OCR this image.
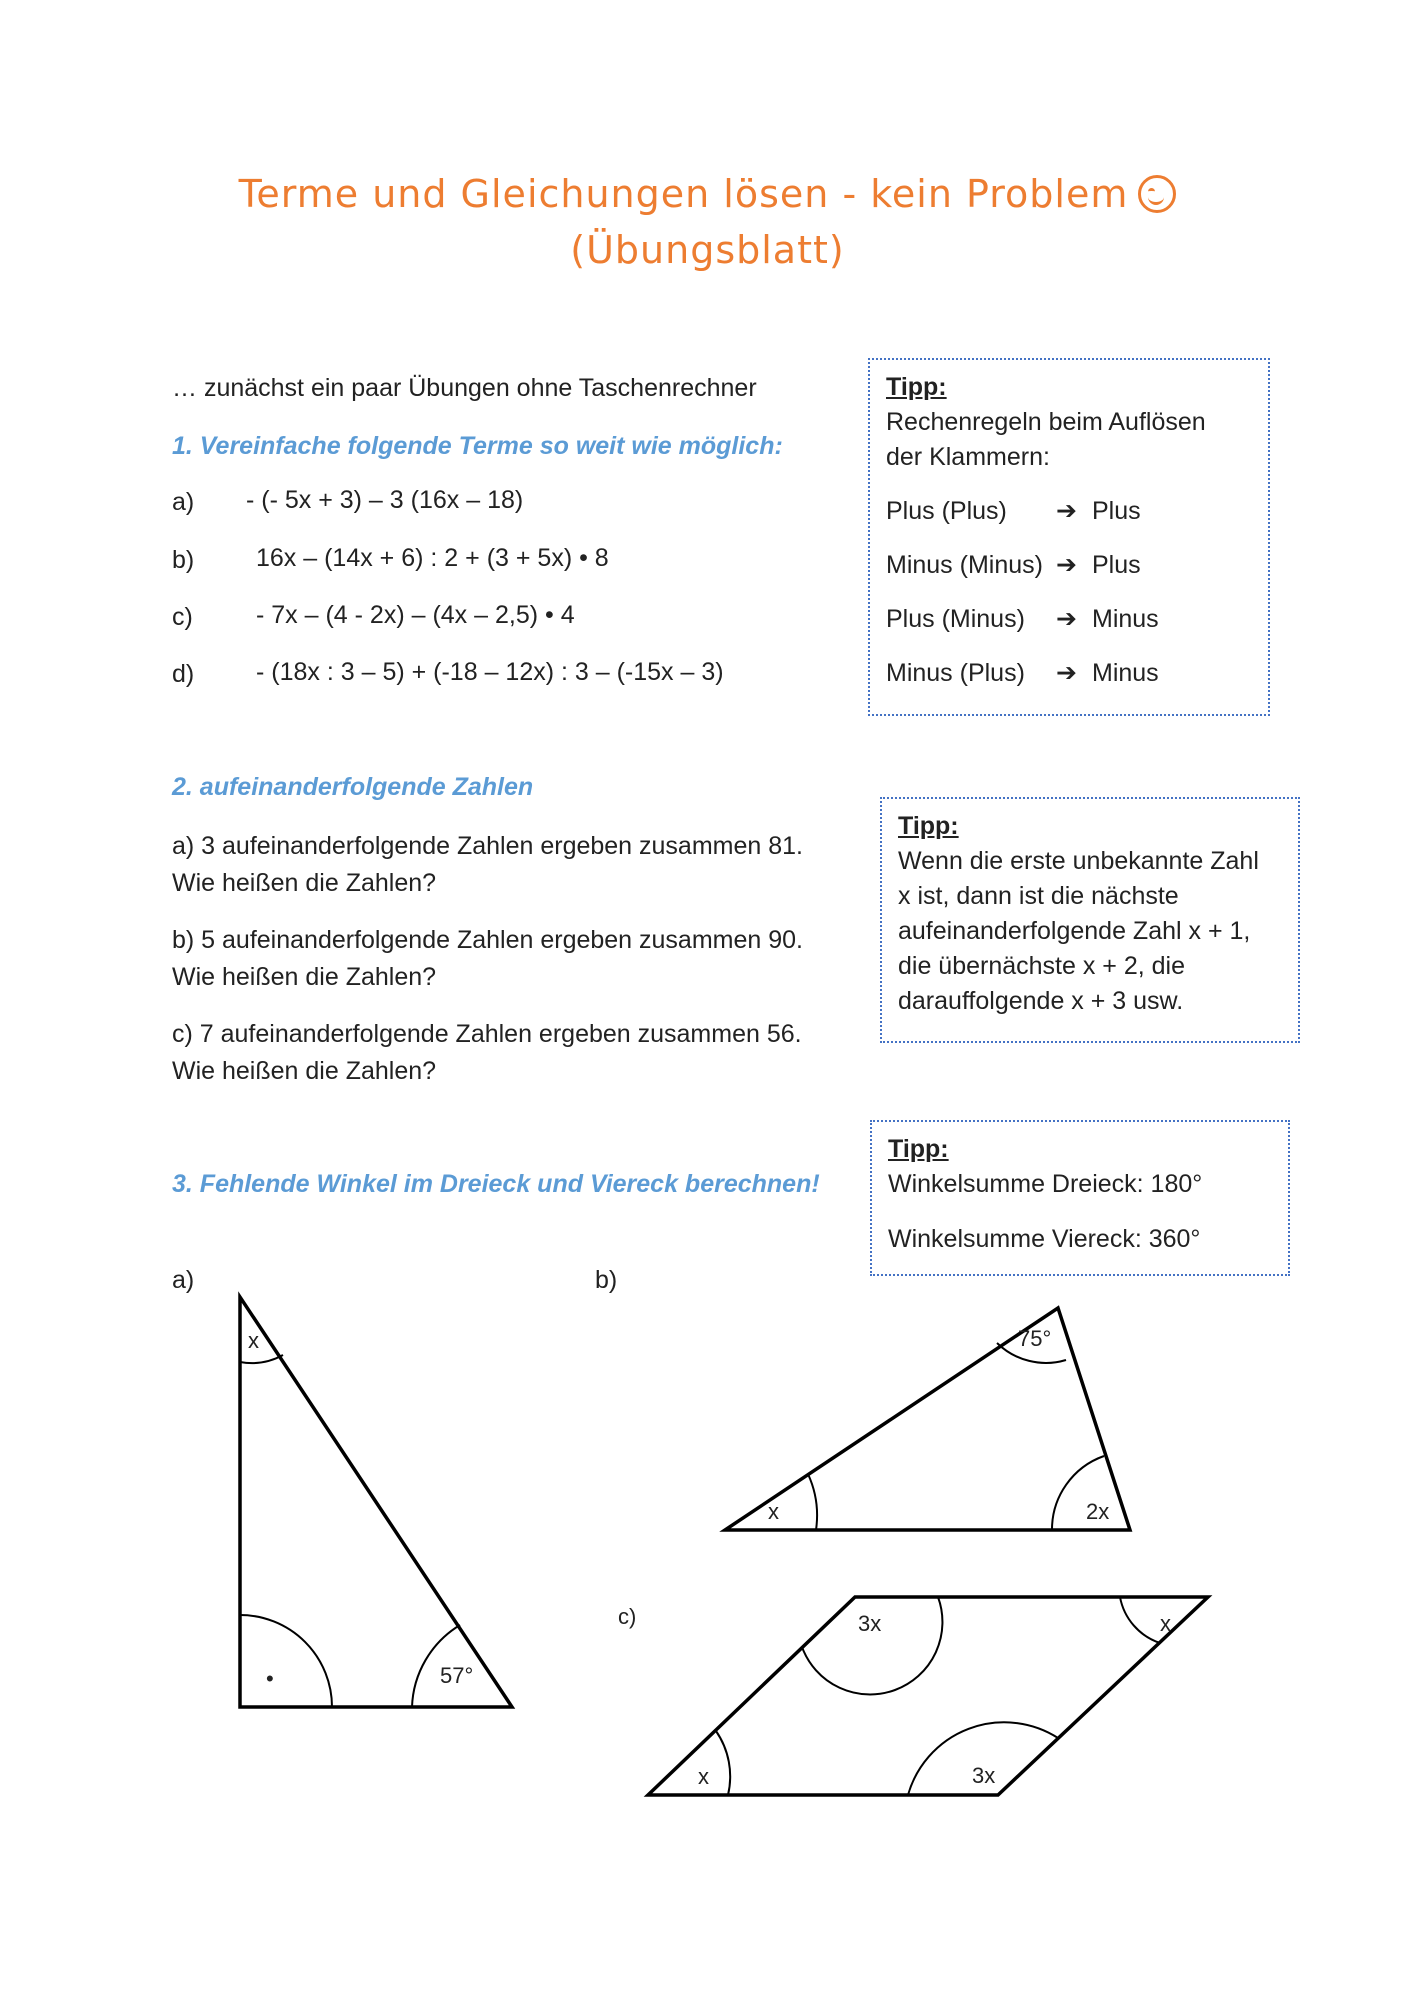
Terme und Gleichungen lösen - kein Problem
(Übungsblatt)
… zunächst ein paar Übungen ohne Taschenrechner
1. Vereinfache folgende Terme so weit wie möglich:
a) - (- 5x + 3) – 3 (16x – 18)
b) 16x – (14x + 6) : 2 + (3 + 5x) • 8
c)	- 7x – (4 - 2x) – (4x – 2,5) • 4
d) - (18x : 3 – 5) + (-18 – 12x) : 3 – (-15x – 3)
Tipp:
Rechenregeln beim Auflösen
der Klammern:
Plus (Plus)	➔ Plus
Minus (Minus) ➔ Plus
Plus (Minus)	➔ Minus
Minus (Plus)	➔ Minus
2. aufeinanderfolgende Zahlen
a) 3 aufeinanderfolgende Zahlen ergeben zusammen 81.
Wie heißen die Zahlen?
b) 5 aufeinanderfolgende Zahlen ergeben zusammen 90.
Wie heißen die Zahlen?
c) 7 aufeinanderfolgende Zahlen ergeben zusammen 56.
Wie heißen die Zahlen?
Tipp:
Wenn die erste unbekannte Zahl
x ist, dann ist die nächste
aufeinanderfolgende Zahl x + 1,
die übernächste x + 2, die
darauffolgende x + 3 usw.
3. Fehlende Winkel im Dreieck und Viereck berechnen!
Tipp:
Winkelsumme Dreieck: 180°
Winkelsumme Viereck: 360°
a)	b)
c)
x
•	57°
x
75°
2x
x
3x	x
3x
